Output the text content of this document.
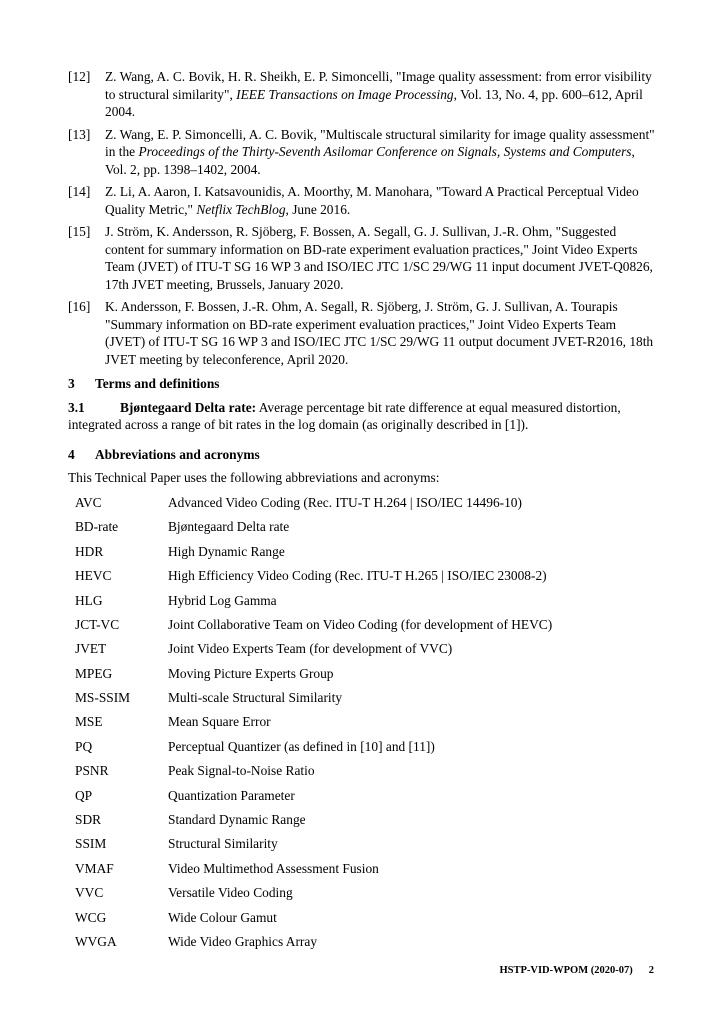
[12]	Z. Wang, A. C. Bovik, H. R. Sheikh, E. P. Simoncelli, "Image quality assessment: from error visibility to structural similarity", IEEE Transactions on Image Processing, Vol. 13, No. 4, pp. 600–612, April 2004.
[13]	Z. Wang, E. P. Simoncelli, A. C. Bovik, "Multiscale structural similarity for image quality assessment" in the Proceedings of the Thirty-Seventh Asilomar Conference on Signals, Systems and Computers, Vol. 2, pp. 1398–1402, 2004.
[14]	Z. Li, A. Aaron, I. Katsavounidis, A. Moorthy, M. Manohara, "Toward A Practical Perceptual Video Quality Metric," Netflix TechBlog, June 2016.
[15]	J. Ström, K. Andersson, R. Sjöberg, F. Bossen, A. Segall, G. J. Sullivan, J.-R. Ohm, "Suggested content for summary information on BD-rate experiment evaluation practices," Joint Video Experts Team (JVET) of ITU-T SG 16 WP 3 and ISO/IEC JTC 1/SC 29/WG 11 input document JVET-Q0826, 17th JVET meeting, Brussels, January 2020.
[16]	K. Andersson, F. Bossen, J.-R. Ohm, A. Segall, R. Sjöberg, J. Ström, G. J. Sullivan, A. Tourapis "Summary information on BD-rate experiment evaluation practices," Joint Video Experts Team (JVET) of ITU-T SG 16 WP 3 and ISO/IEC JTC 1/SC 29/WG 11 output document JVET-R2016, 18th JVET meeting by teleconference, April 2020.
3	Terms and definitions
3.1	Bjøntegaard Delta rate: Average percentage bit rate difference at equal measured distortion, integrated across a range of bit rates in the log domain (as originally described in [1]).
4	Abbreviations and acronyms
This Technical Paper uses the following abbreviations and acronyms:
AVC	Advanced Video Coding (Rec. ITU-T H.264 | ISO/IEC 14496-10)
BD-rate	Bjøntegaard Delta rate
HDR	High Dynamic Range
HEVC	High Efficiency Video Coding (Rec. ITU-T H.265 | ISO/IEC 23008-2)
HLG	Hybrid Log Gamma
JCT-VC	Joint Collaborative Team on Video Coding (for development of HEVC)
JVET	Joint Video Experts Team (for development of VVC)
MPEG	Moving Picture Experts Group
MS-SSIM	Multi-scale Structural Similarity
MSE	Mean Square Error
PQ	Perceptual Quantizer (as defined in [10] and [11])
PSNR	Peak Signal-to-Noise Ratio
QP	Quantization Parameter
SDR	Standard Dynamic Range
SSIM	Structural Similarity
VMAF	Video Multimethod Assessment Fusion
VVC	Versatile Video Coding
WCG	Wide Colour Gamut
WVGA	Wide Video Graphics Array
HSTP-VID-WPOM (2020-07) 2
